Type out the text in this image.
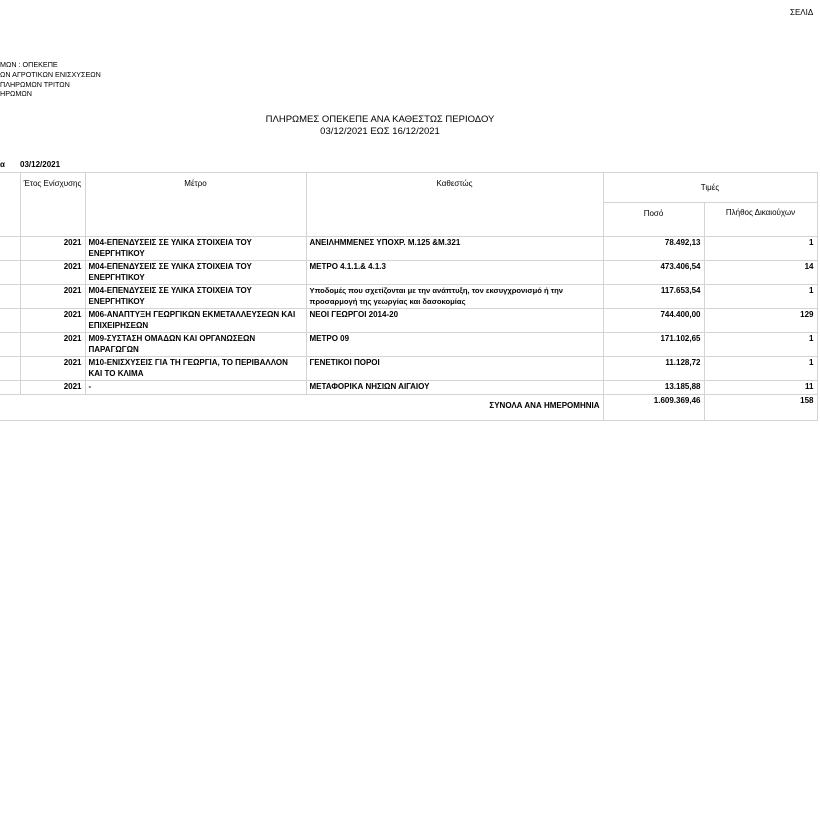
ΣΕΛΙΔ
ΜΩΝ : ΟΠΕΚΕΠΕ
ΩΝ ΑΓΡΟΤΙΚΩΝ ΕΝΙΣΧΥΣΕΩΝ
ΠΛΗΡΩΜΩΝ ΤΡΙΤΩΝ
ΗΡΩΜΩΝ
ΠΛΗΡΩΜΕΣ ΟΠΕΚΕΠΕ ΑΝΑ ΚΑΘΕΣΤΩΣ ΠΕΡΙΟΔΟΥ
03/12/2021 ΕΩΣ 16/12/2021
α 03/12/2021
	Έτος Ενίσχυσης	Μέτρο	Καθεστώς	Τιμές	
				Ποσό	Πλήθος Δικαιούχων
	2021	Μ04-ΕΠΕΝΔΥΣΕΙΣ ΣΕ ΥΛΙΚΑ ΣΤΟΙΧΕΙΑ ΤΟΥ ΕΝΕΡΓΗΤΙΚΟΥ	ΑΝΕΙΛΗΜΜΕΝΕΣ ΥΠΟΧΡ. Μ.125 &Μ.321	78.492,13	1
	2021	Μ04-ΕΠΕΝΔΥΣΕΙΣ ΣΕ ΥΛΙΚΑ ΣΤΟΙΧΕΙΑ ΤΟΥ ΕΝΕΡΓΗΤΙΚΟΥ	ΜΕΤΡΟ 4.1.1.& 4.1.3	473.406,54	14
	2021	Μ04-ΕΠΕΝΔΥΣΕΙΣ ΣΕ ΥΛΙΚΑ ΣΤΟΙΧΕΙΑ ΤΟΥ ΕΝΕΡΓΗΤΙΚΟΥ	Υποδομές που σχετίζονται με την ανάπτυξη, τον εκσυγχρονισμό ή την προσαρμογή της γεωργίας και δασοκομίας	117.653,54	1
	2021	Μ06-ΑΝΑΠΤΥΞΗ ΓΕΩΡΓΙΚΩΝ ΕΚΜΕΤΑΛΛΕΥΣΕΩΝ ΚΑΙ ΕΠΙΧΕΙΡΗΣΕΩΝ	ΝΕΟΙ ΓΕΩΡΓΟΙ 2014-20	744.400,00	129
	2021	Μ09-ΣΥΣΤΑΣΗ ΟΜΑΔΩΝ ΚΑΙ ΟΡΓΑΝΩΣΕΩΝ ΠΑΡΑΓΩΓΩΝ	ΜΕΤΡΟ 09	171.102,65	1
	2021	Μ10-ΕΝΙΣΧΥΣΕΙΣ ΓΙΑ ΤΗ ΓΕΩΡΓΙΑ, ΤΟ ΠΕΡΙΒΑΛΛΟΝ ΚΑΙ ΤΟ ΚΛΙΜΑ	ΓΕΝΕΤΙΚΟΙ ΠΟΡΟΙ	11.128,72	1
	2021	-	ΜΕΤΑΦΟΡΙΚΑ ΝΗΣΙΩΝ ΑΙΓΑΙΟΥ	13.185,88	11
ΣΥΝΟΛΑ ΑΝΑ ΗΜΕΡΟΜΗΝΙΑ				1.609.369,46	158
